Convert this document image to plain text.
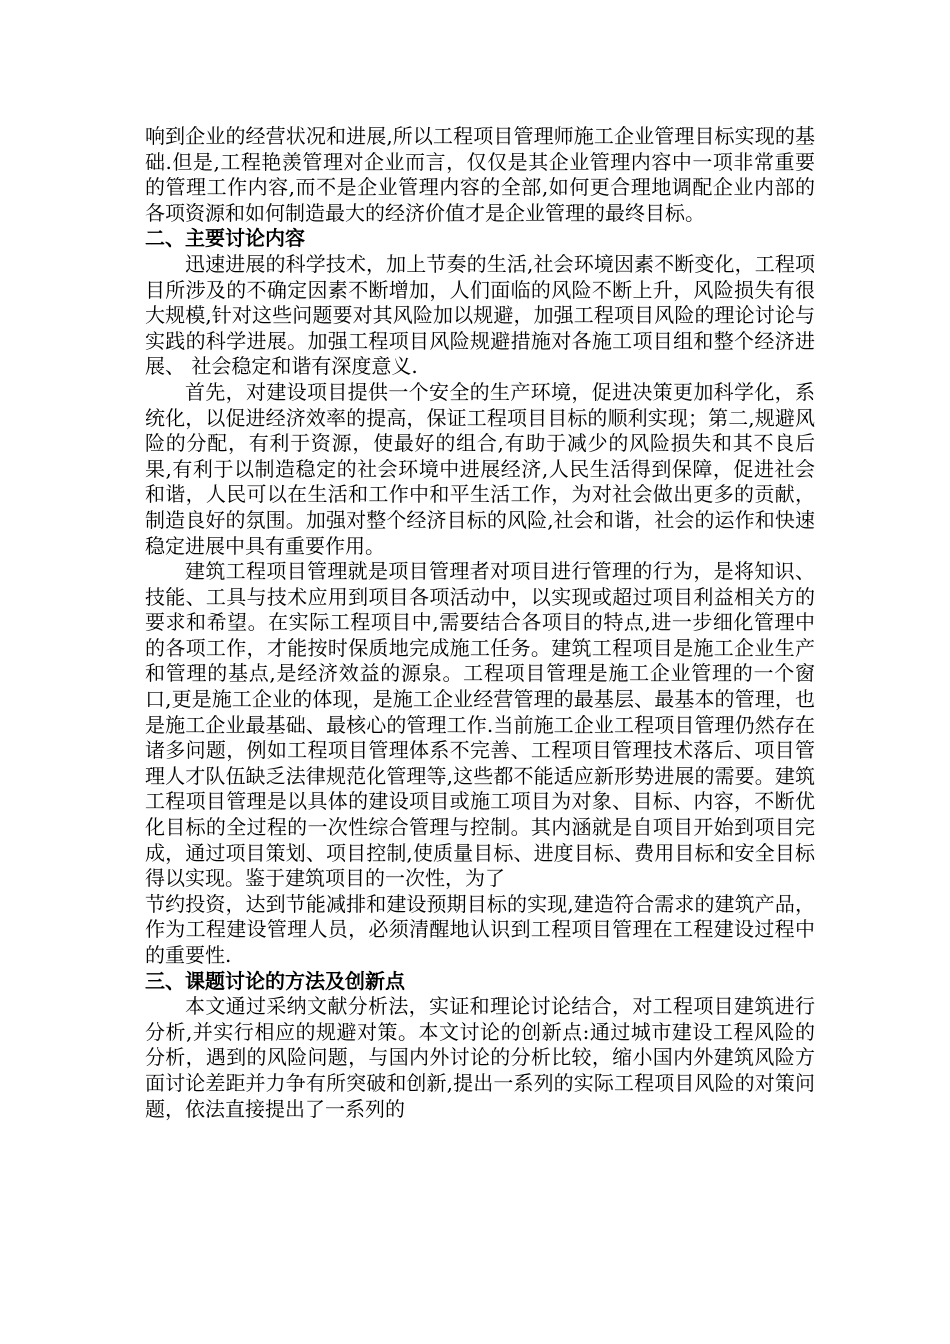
响到企业的经营状况和进展,所以工程项目管理师施工企业管理目标实现的基础.但是,工程艳羡管理对企业而言，仅仅是其企业管理内容中一项非常重要的管理工作内容,而不是企业管理内容的全部,如何更合理地调配企业内部的各项资源和如何制造最大的经济价值才是企业管理的最终目标。

二、主要讨论内容

迅速进展的科学技术，加上节奏的生活,社会环境因素不断变化，工程项目所涉及的不确定因素不断增加，人们面临的风险不断上升，风险损失有很大规模,针对这些问题要对其风险加以规避，加强工程项目风险的理论讨论与实践的科学进展。加强工程项目风险规避措施对各施工项目组和整个经济进展、 社会稳定和谐有深度意义.

首先，对建设项目提供一个安全的生产环境，促进决策更加科学化，系统化，以促进经济效率的提高，保证工程项目目标的顺利实现；第二,规避风险的分配，有利于资源，使最好的组合,有助于减少的风险损失和其不良后果,有利于以制造稳定的社会环境中进展经济,人民生活得到保障，促进社会和谐，人民可以在生活和工作中和平生活工作，为对社会做出更多的贡献，制造良好的氛围。加强对整个经济目标的风险,社会和谐，社会的运作和快速稳定进展中具有重要作用。

建筑工程项目管理就是项目管理者对项目进行管理的行为，是将知识、技能、工具与技术应用到项目各项活动中，以实现或超过项目利益相关方的要求和希望。在实际工程项目中,需要结合各项目的特点,进一步细化管理中的各项工作，才能按时保质地完成施工任务。建筑工程项目是施工企业生产和管理的基点,是经济效益的源泉。工程项目管理是施工企业管理的一个窗口,更是施工企业的体现，是施工企业经营管理的最基层、最基本的管理，也是施工企业最基础、最核心的管理工作.当前施工企业工程项目管理仍然存在诸多问题，例如工程项目管理体系不完善、工程项目管理技术落后、项目管理人才队伍缺乏法律规范化管理等,这些都不能适应新形势进展的需要。建筑工程项目管理是以具体的建设项目或施工项目为对象、目标、内容，不断优化目标的全过程的一次性综合管理与控制。其内涵就是自项目开始到项目完成，通过项目策划、项目控制,使质量目标、进度目标、费用目标和安全目标得以实现。鉴于建筑项目的一次性，为了

节约投资，达到节能减排和建设预期目标的实现,建造符合需求的建筑产品，作为工程建设管理人员，必须清醒地认识到工程项目管理在工程建设过程中的重要性.

三、课题讨论的方法及创新点

本文通过采纳文献分析法，实证和理论讨论结合，对工程项目建筑进行分析,并实行相应的规避对策。本文讨论的创新点:通过城市建设工程风险的分析，遇到的风险问题，与国内外讨论的分析比较，缩小国内外建筑风险方面讨论差距并力争有所突破和创新,提出一系列的实际工程项目风险的对策问题，依法直接提出了一系列的
